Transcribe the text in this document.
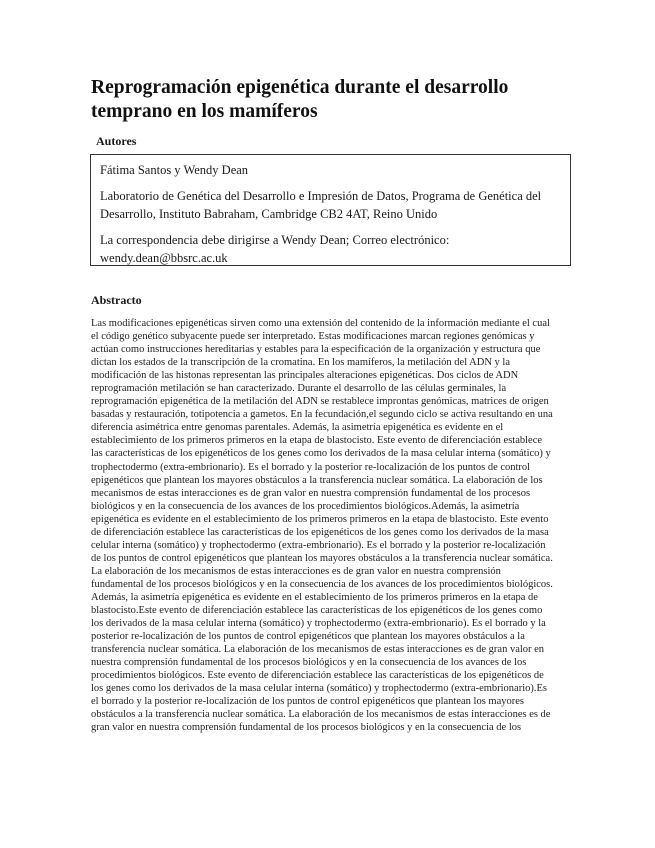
Reprogramación epigenética durante el desarrollo
temprano en los mamíferos
Autores

Fátima Santos y Wendy Dean

Laboratorio de Genética del Desarrollo e Impresión de Datos, Programa de Genética del

Desarrollo, Instituto Babraham, Cambridge CB2 4AT, Reino Unido

La correspondencia debe dirigirse a Wendy Dean; Correo electrónico:

wendy.dean@bbsrc.ac.uk

Abstracto
Las modificaciones epigenéticas sirven como una extensión del contenido de la información mediante el cual
el código genético subyacente puede ser interpretado. Estas modificaciones marcan regiones genómicas y
actúan como instrucciones hereditarias y estables para la especificación de la organización y estructura que
dictan los estados de la transcripción de la cromatina. En los mamíferos, la metilación del ADN y la
modificación de las histonas representan las principales alteraciones epigenéticas. Dos ciclos de ADN
reprogramación metilación se han caracterizado. Durante el desarrollo de las células germinales, la
reprogramación epigenética de la metilación del ADN se restablece improntas genómicas, matrices de origen
basadas y restauración, totipotencia a gametos. En la fecundación,el segundo ciclo se activa resultando en una
diferencia asimétrica entre genomas parentales. Además, la asimetría epigenética es evidente en el
establecimiento de los primeros primeros en la etapa de blastocisto. Este evento de diferenciación establece
las características de los epigenéticos de los genes como los derivados de la masa celular interna (somático) y
trophectodermo (extra-embrionario). Es el borrado y la posterior re-localización de los puntos de control
epigenéticos que plantean los mayores obstáculos a la transferencia nuclear somática. La elaboración de los
mecanismos de estas interacciones es de gran valor en nuestra comprensión fundamental de los procesos
biológicos y en la consecuencia de los avances de los procedimientos biológicos.Además, la asimetría
epigenética es evidente en el establecimiento de los primeros primeros en la etapa de blastocisto. Este evento
de diferenciación establece las características de los epigenéticos de los genes como los derivados de la masa
celular interna (somático) y trophectodermo (extra-embrionario). Es el borrado y la posterior re-localización
de los puntos de control epigenéticos que plantean los mayores obstáculos a la transferencia nuclear somática.
La elaboración de los mecanismos de estas interacciones es de gran valor en nuestra comprensión
fundamental de los procesos biológicos y en la consecuencia de los avances de los procedimientos biológicos.
Además, la asimetría epigenética es evidente en el establecimiento de los primeros primeros en la etapa de
blastocisto.Este evento de diferenciación establece las características de los epigenéticos de los genes como
los derivados de la masa celular interna (somático) y trophectodermo (extra-embrionario). Es el borrado y la
posterior re-localización de los puntos de control epigenéticos que plantean los mayores obstáculos a la
transferencia nuclear somática. La elaboración de los mecanismos de estas interacciones es de gran valor en
nuestra comprensión fundamental de los procesos biológicos y en la consecuencia de los avances de los
procedimientos biológicos. Este evento de diferenciación establece las características de los epigenéticos de
los genes como los derivados de la masa celular interna (somático) y trophectodermo (extra-embrionario).Es
el borrado y la posterior re-localización de los puntos de control epigenéticos que plantean los mayores
obstáculos a la transferencia nuclear somática. La elaboración de los mecanismos de estas interacciones es de
gran valor en nuestra comprensión fundamental de los procesos biológicos y en la consecuencia de los
